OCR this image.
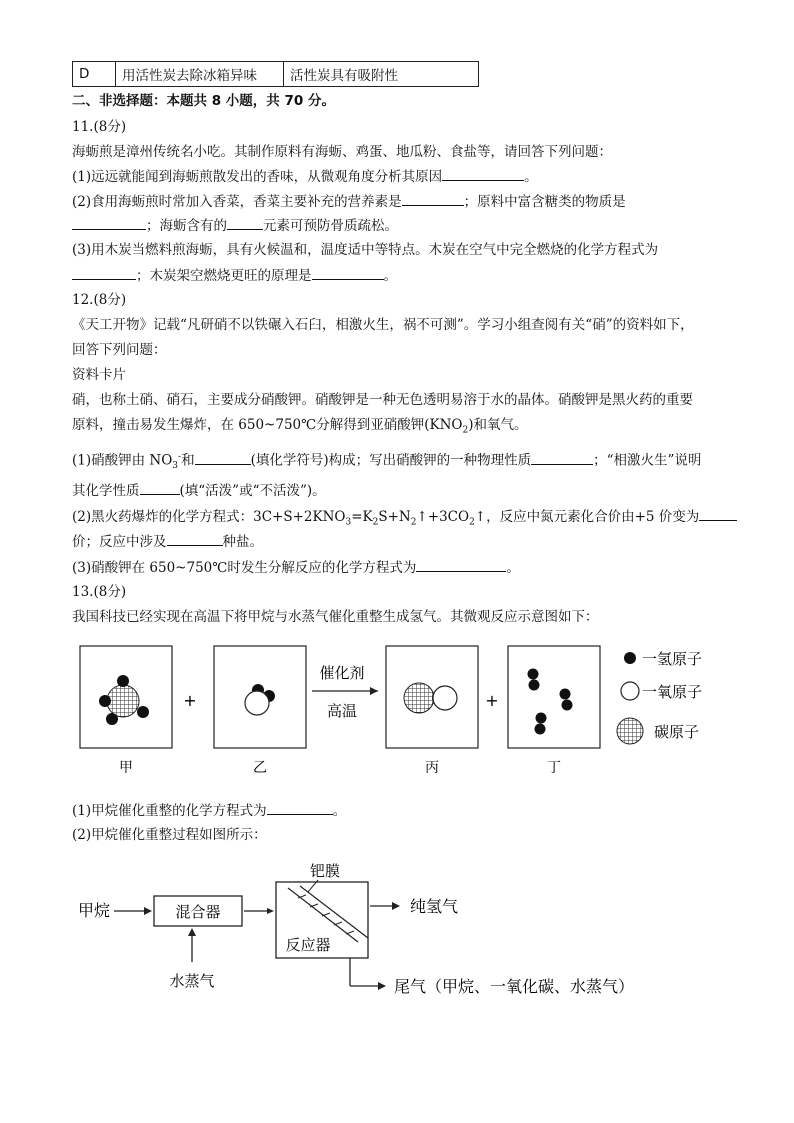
D	用活性炭去除冰箱异味	活性炭具有吸附性
二、非选择题：本题共 8 小题，共 70 分。
11.(8分)
海蛎煎是漳州传统名小吃。其制作原料有海蛎、鸡蛋、地瓜粉、食盐等，请回答下列问题：
(1)远远就能闻到海蛎煎散发出的香味，从微观角度分析其原因	。
(2)食用海蛎煎时常加入香菜，香菜主要补充的营养素是	；原料中富含糖类的物质是
；海蛎含有的	元素可预防骨质疏松。
(3)用木炭当燃料煎海蛎，具有火候温和，温度适中等特点。木炭在空气中完全燃烧的化学方程式为
；木炭架空燃烧更旺的原理是	。
12.(8分)
《天工开物》记载“凡研硝不以铁碾入石臼，相激火生，祸不可测”。学习小组查阅有关“硝”的资料如下，
回答下列问题：
资料卡片
硝，也称土硝、硝石，主要成分硝酸钾。硝酸钾是一种无色透明易溶于水的晶体。硝酸钾是黑火药的重要
原料，撞击易发生爆炸，在 650~750℃分解得到亚硝酸钾$(KNO_2)$和氧气。
(1)硝酸钾由 $NO_3^-$和	(填化学符号)构成；写出硝酸钾的一种物理性质	；“相激火生”说明
其化学性质	(填“活泼”或“不活泼”)。
(2)黑火药爆炸的化学方程式：$3C+S+2KNO_3=K_2S+N_2↑+3CO_2↑$，反应中氮元素化合价由+5 价变为
价；反应中涉及	种盐。
(3)硝酸钾在 650~750℃时发生分解反应的化学方程式为	。
13.(8分)
我国科技已经实现在高温下将甲烷与水蒸气催化重整生成氢气。其微观反应示意图如下：
+
催化剂
高温
+
甲	乙	丙	丁
一氢原子
一氧原子
碳原子
(1)甲烷催化重整的化学方程式为	。
(2)甲烷催化重整过程如图所示：
甲烷	混合器
水蒸气
反应器
钯膜
纯氢气
尾气（甲烷、一氧化碳、水蒸气）
